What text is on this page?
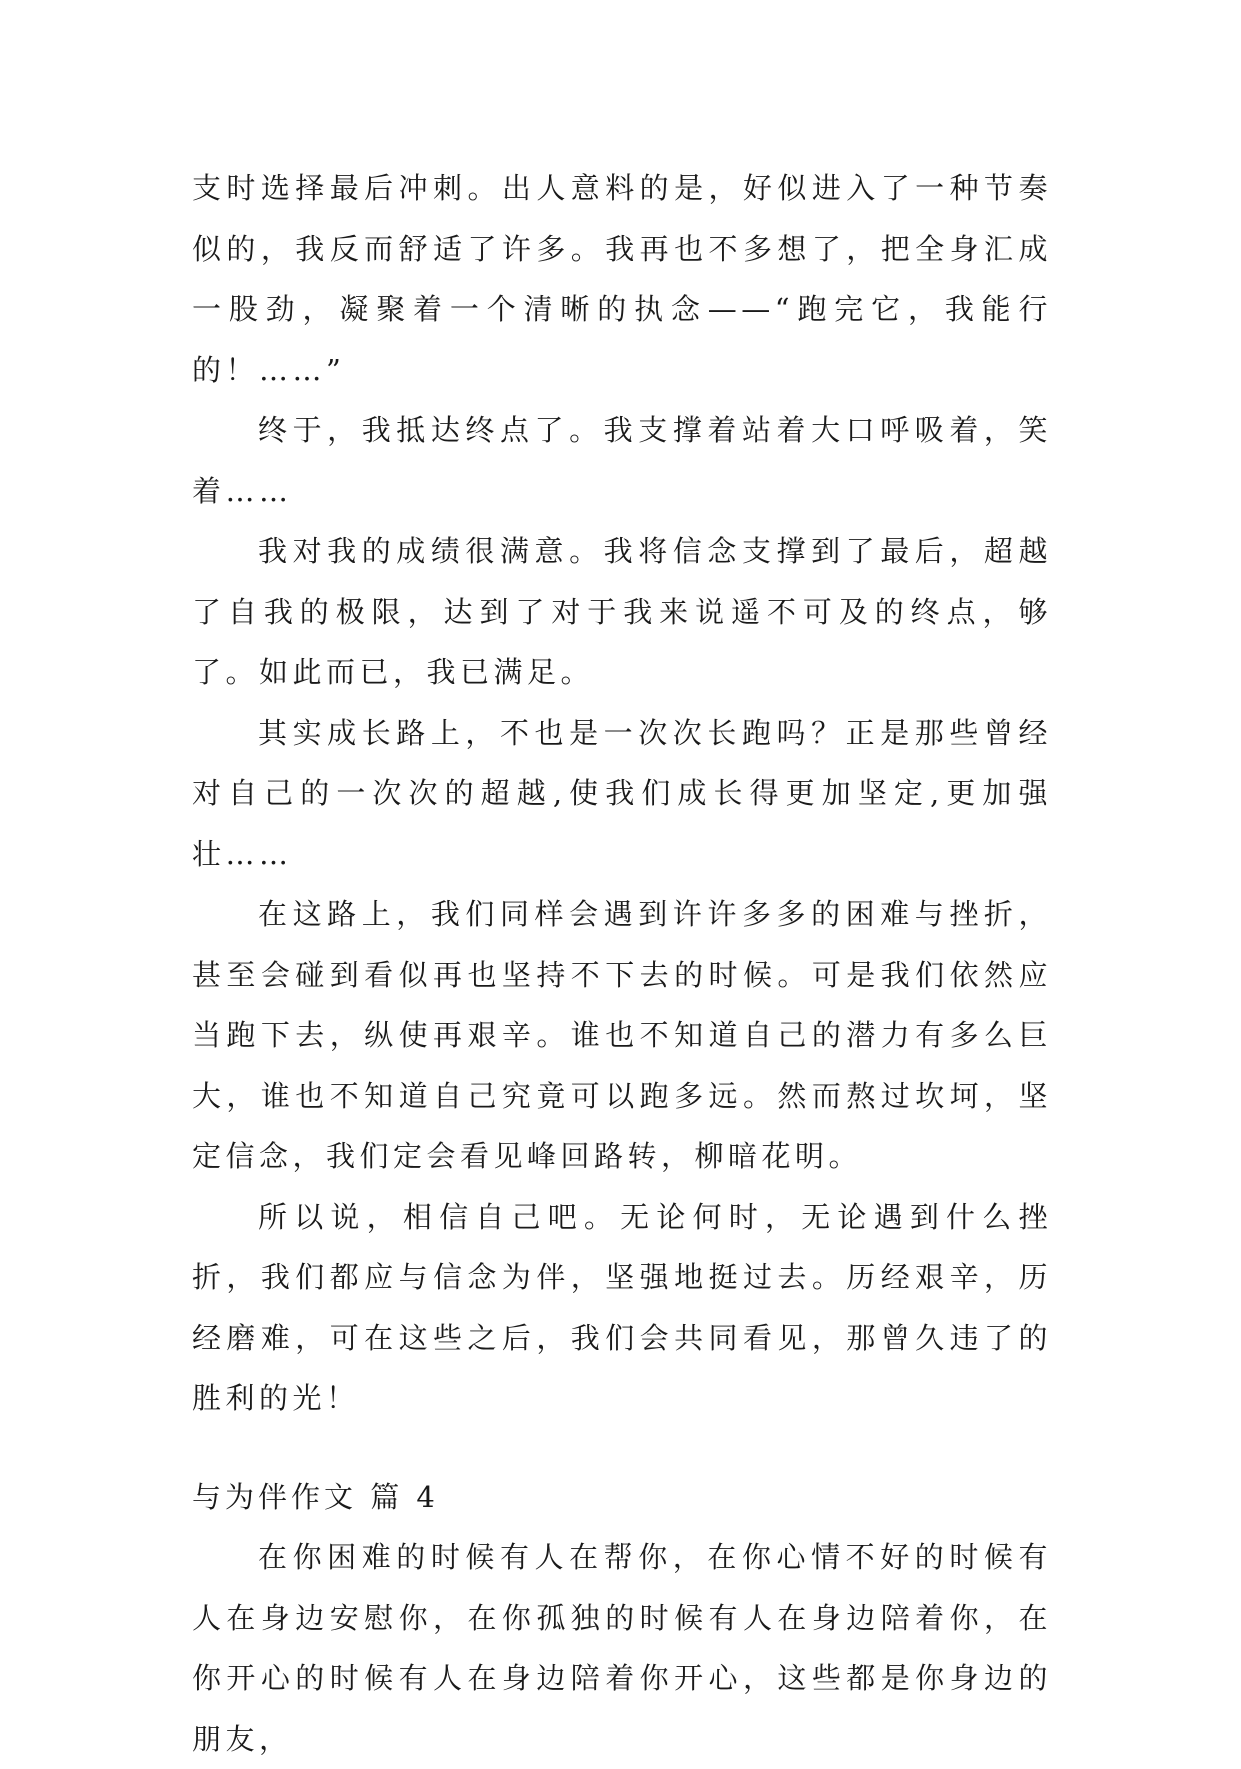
支时选择最后冲刺。出人意料的是，好似进入了一种节奏似的，我反而舒适了许多。我再也不多想了，把全身汇成一股劲，凝聚着一个清晰的执念——“跑完它，我能行的！……”

终于，我抵达终点了。我支撑着站着大口呼吸着，笑着……

我对我的成绩很满意。我将信念支撑到了最后，超越了自我的极限，达到了对于我来说遥不可及的终点，够了。如此而已，我已满足。

其实成长路上，不也是一次次长跑吗？正是那些曾经对自己的一次次的超越,使我们成长得更加坚定,更加强壮……

在这路上，我们同样会遇到许许多多的困难与挫折，甚至会碰到看似再也坚持不下去的时候。可是我们依然应当跑下去，纵使再艰辛。谁也不知道自己的潜力有多么巨大，谁也不知道自己究竟可以跑多远。然而熬过坎坷，坚定信念，我们定会看见峰回路转，柳暗花明。

所以说，相信自己吧。无论何时，无论遇到什么挫折，我们都应与信念为伴，坚强地挺过去。历经艰辛，历经磨难，可在这些之后，我们会共同看见，那曾久违了的胜利的光！

与为伴作文 篇 4

在你困难的时候有人在帮你，在你心情不好的时候有人在身边安慰你，在你孤独的时候有人在身边陪着你，在你开心的时候有人在身边陪着你开心，这些都是你身边的朋友，
